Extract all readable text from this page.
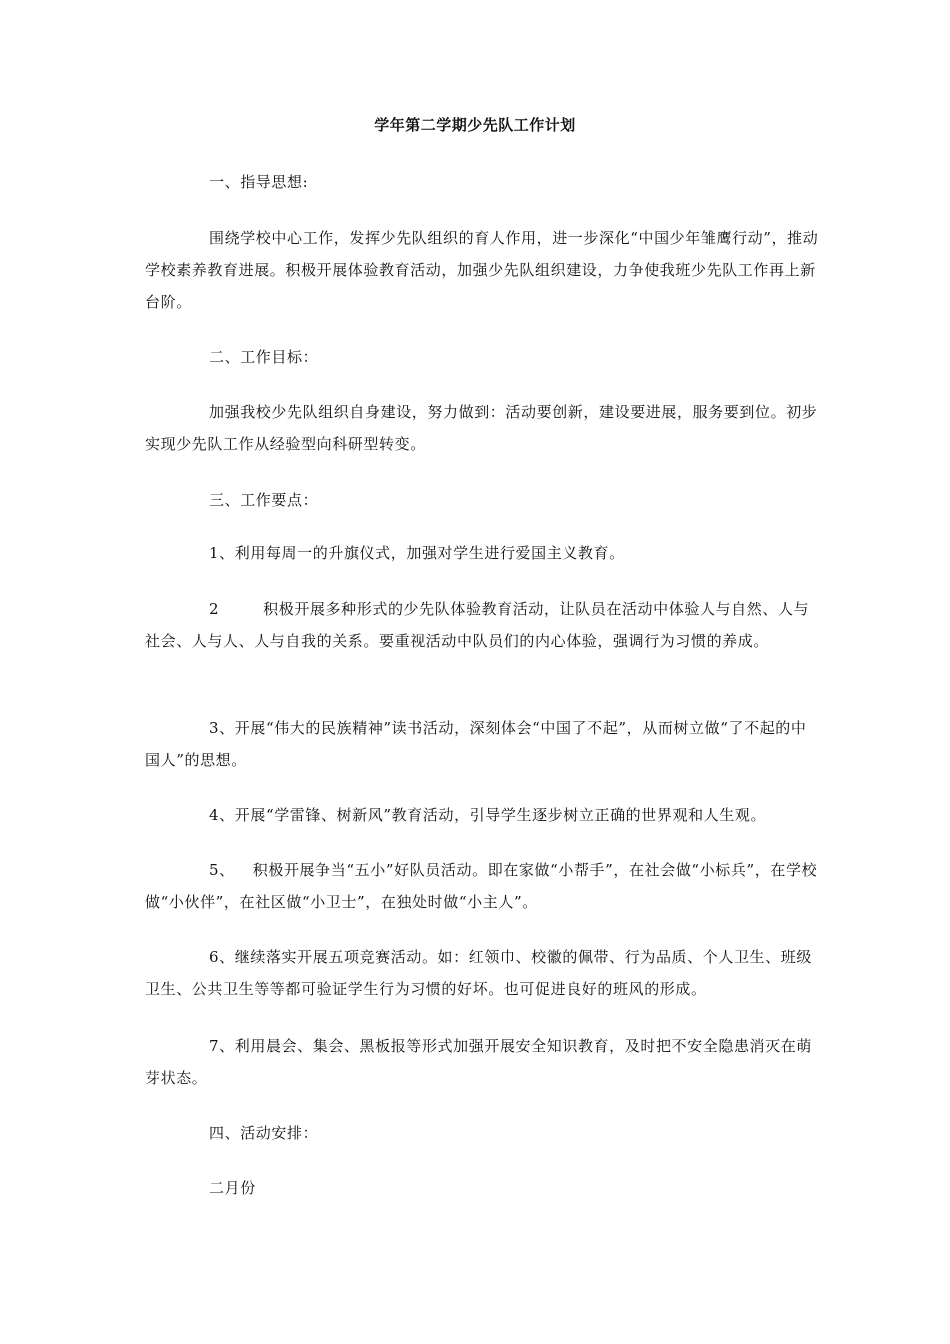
学年第二学期少先队工作计划

一、指导思想:

围绕学校中心工作，发挥少先队组织的育人作用，进一步深化“中国少年雏鹰行动”，推动学校素养教育进展。积极开展体验教育活动，加强少先队组织建设，力争使我班少先队工作再上新台阶。

二、工作目标：

加强我校少先队组织自身建设，努力做到：活动要创新，建设要进展，服务要到位。初步实现少先队工作从经验型向科研型转变。

三、工作要点：

1、利用每周一的升旗仪式，加强对学生进行爱国主义教育。

2	积极开展多种形式的少先队体验教育活动，让队员在活动中体验人与自然、人与社会、人与人、人与自我的关系。要重视活动中队员们的内心体验，强调行为习惯的养成。

3、开展“伟大的民族精神”读书活动，深刻体会“中国了不起”，从而树立做“了不起的中国人”的思想。

4、开展“学雷锋、树新风”教育活动，引导学生逐步树立正确的世界观和人生观。

5、 积极开展争当“五小”好队员活动。即在家做“小帮手”，在社会做“小标兵”，在学校做“小伙伴”，在社区做“小卫士”，在独处时做“小主人”。

6、继续落实开展五项竞赛活动。如：红领巾、校徽的佩带、行为品质、个人卫生、班级卫生、公共卫生等等都可验证学生行为习惯的好坏。也可促进良好的班风的形成。

7、利用晨会、集会、黑板报等形式加强开展安全知识教育，及时把不安全隐患消灭在萌芽状态。

四、活动安排：

二月份
